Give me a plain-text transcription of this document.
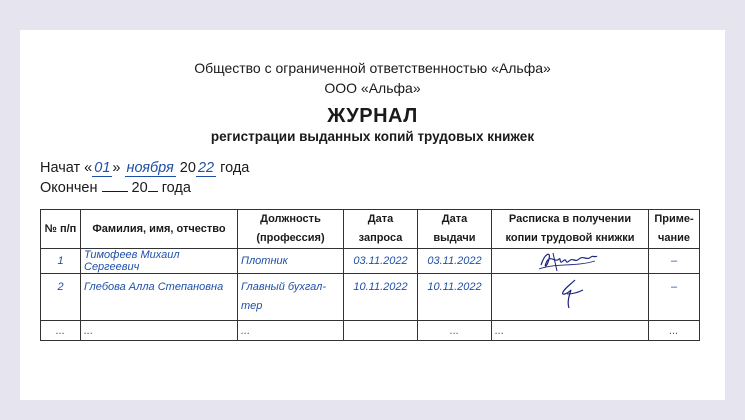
Общество с ограниченной ответственностью «Альфа»
ООО «Альфа»
ЖУРНАЛ
регистрации выданных копий трудовых книжек
Начат « 01 » ноября 20 22 года
Окончен  20 года
№ п/п	Фамилия, имя, отчество	Должность (профессия)	Дата запроса	Дата выдачи	Расписка в получении копии трудовой книжки	Приме-чание
1	Тимофеев Михаил Сергеевич	Плотник	03.11.2022	03.11.2022		–
2	Глебова Алла Степановна	Главный бухгал-тер	10.11.2022	10.11.2022		–
...	...	...		...	...	...
